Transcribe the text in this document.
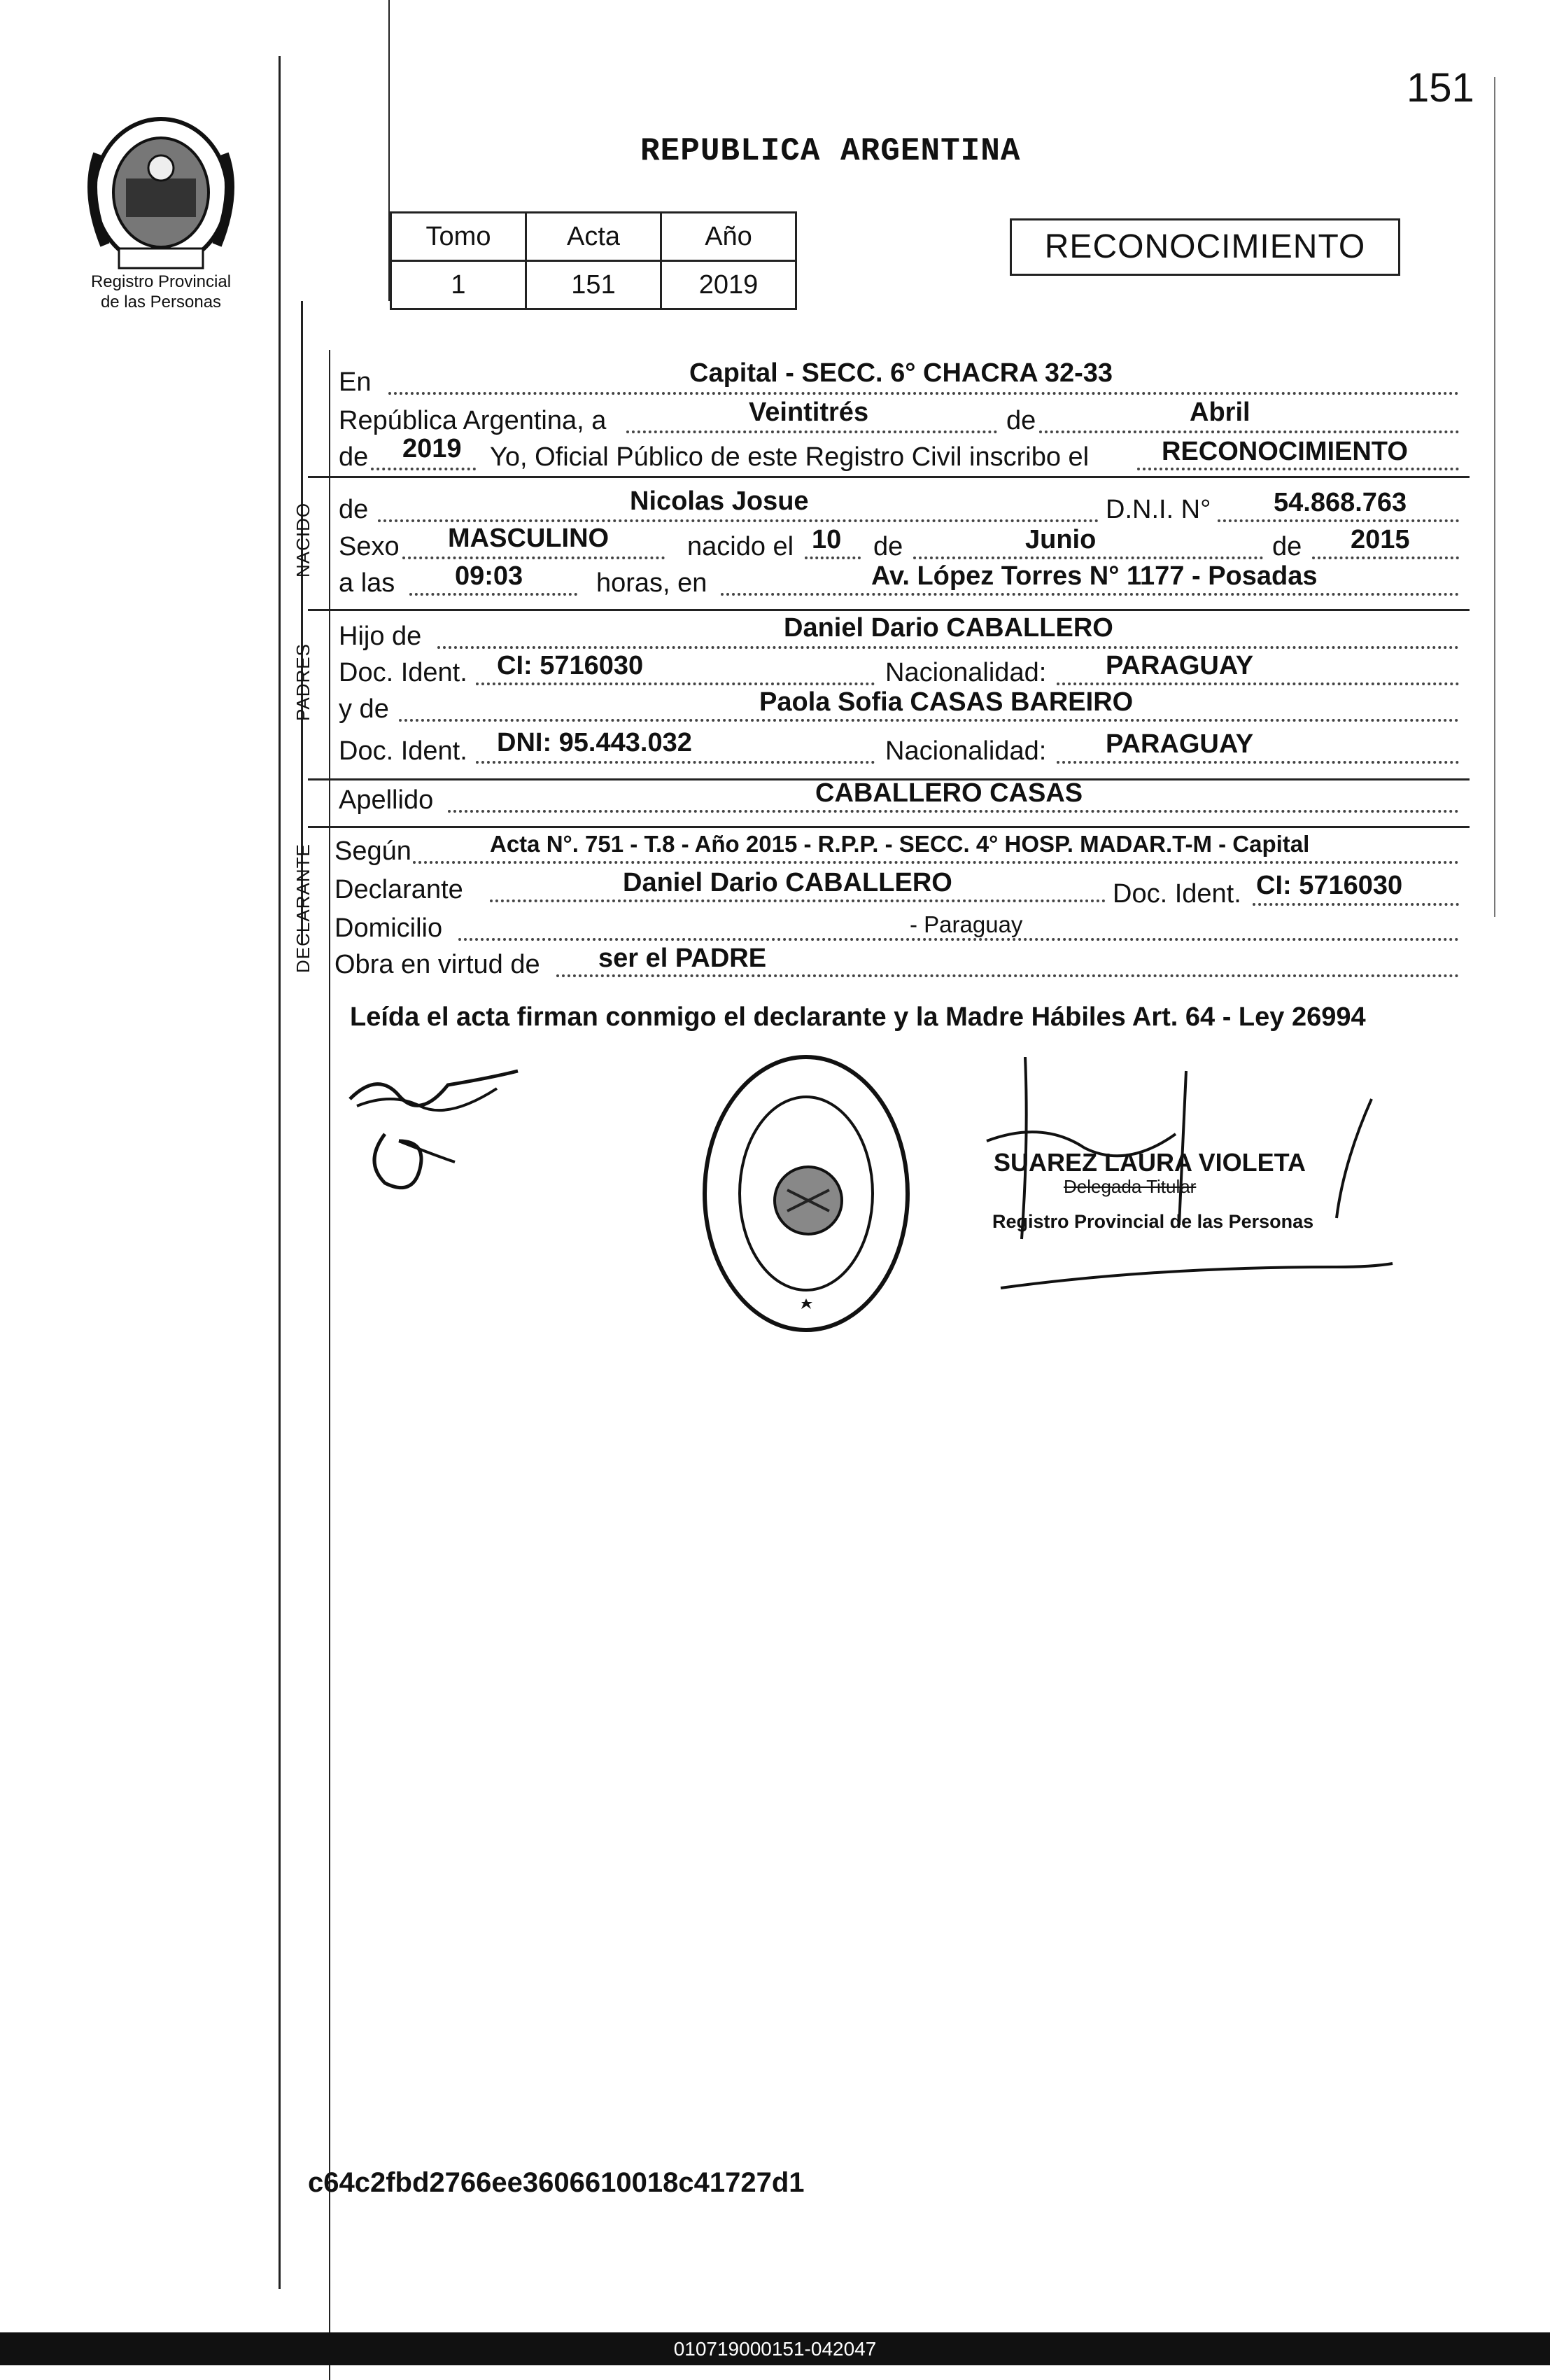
Registro Provincial
de las Personas
151
REPUBLICA ARGENTINA
Tomo	Acta	Año
1	151	2019
RECONOCIMIENTO
NACIDO
PADRES
DECLARANTE
En	Capital - SECC. 6° CHACRA 32-33
República Argentina, a	Veintitrés	de	Abril
de 2019 Yo, Oficial Público de este Registro Civil inscribo el	RECONOCIMIENTO
de	Nicolas Josue	D.N.I. N° 54.868.763
Sexo MASCULINO	nacido el 10 de	Junio	de 2015
a las 09:03	horas, en	Av. López Torres N° 1177 - Posadas
Hijo de	Daniel Dario CABALLERO
Doc. Ident. CI: 5716030	Nacionalidad: PARAGUAY
y de	Paola Sofia CASAS BAREIRO
Doc. Ident. DNI: 95.443.032	Nacionalidad: PARAGUAY
Apellido	CABALLERO CASAS
Según	Acta N°. 751 - T.8 - Año 2015 - R.P.P. - SECC. 4° HOSP. MADAR.T-M - Capital
Declarante	Daniel Dario CABALLERO	Doc. Ident. CI: 5716030
Domicilio	- Paraguay
Obra en virtud de ser el PADRE
Leída el acta firman conmigo el declarante y la Madre Hábiles Art. 64 - Ley 26994
SUAREZ LAURA VIOLETA
Delegada Titular
Registro Provincial de las Personas
c64c2fbd2766ee3606610018c41727d1
010719000151-042047
